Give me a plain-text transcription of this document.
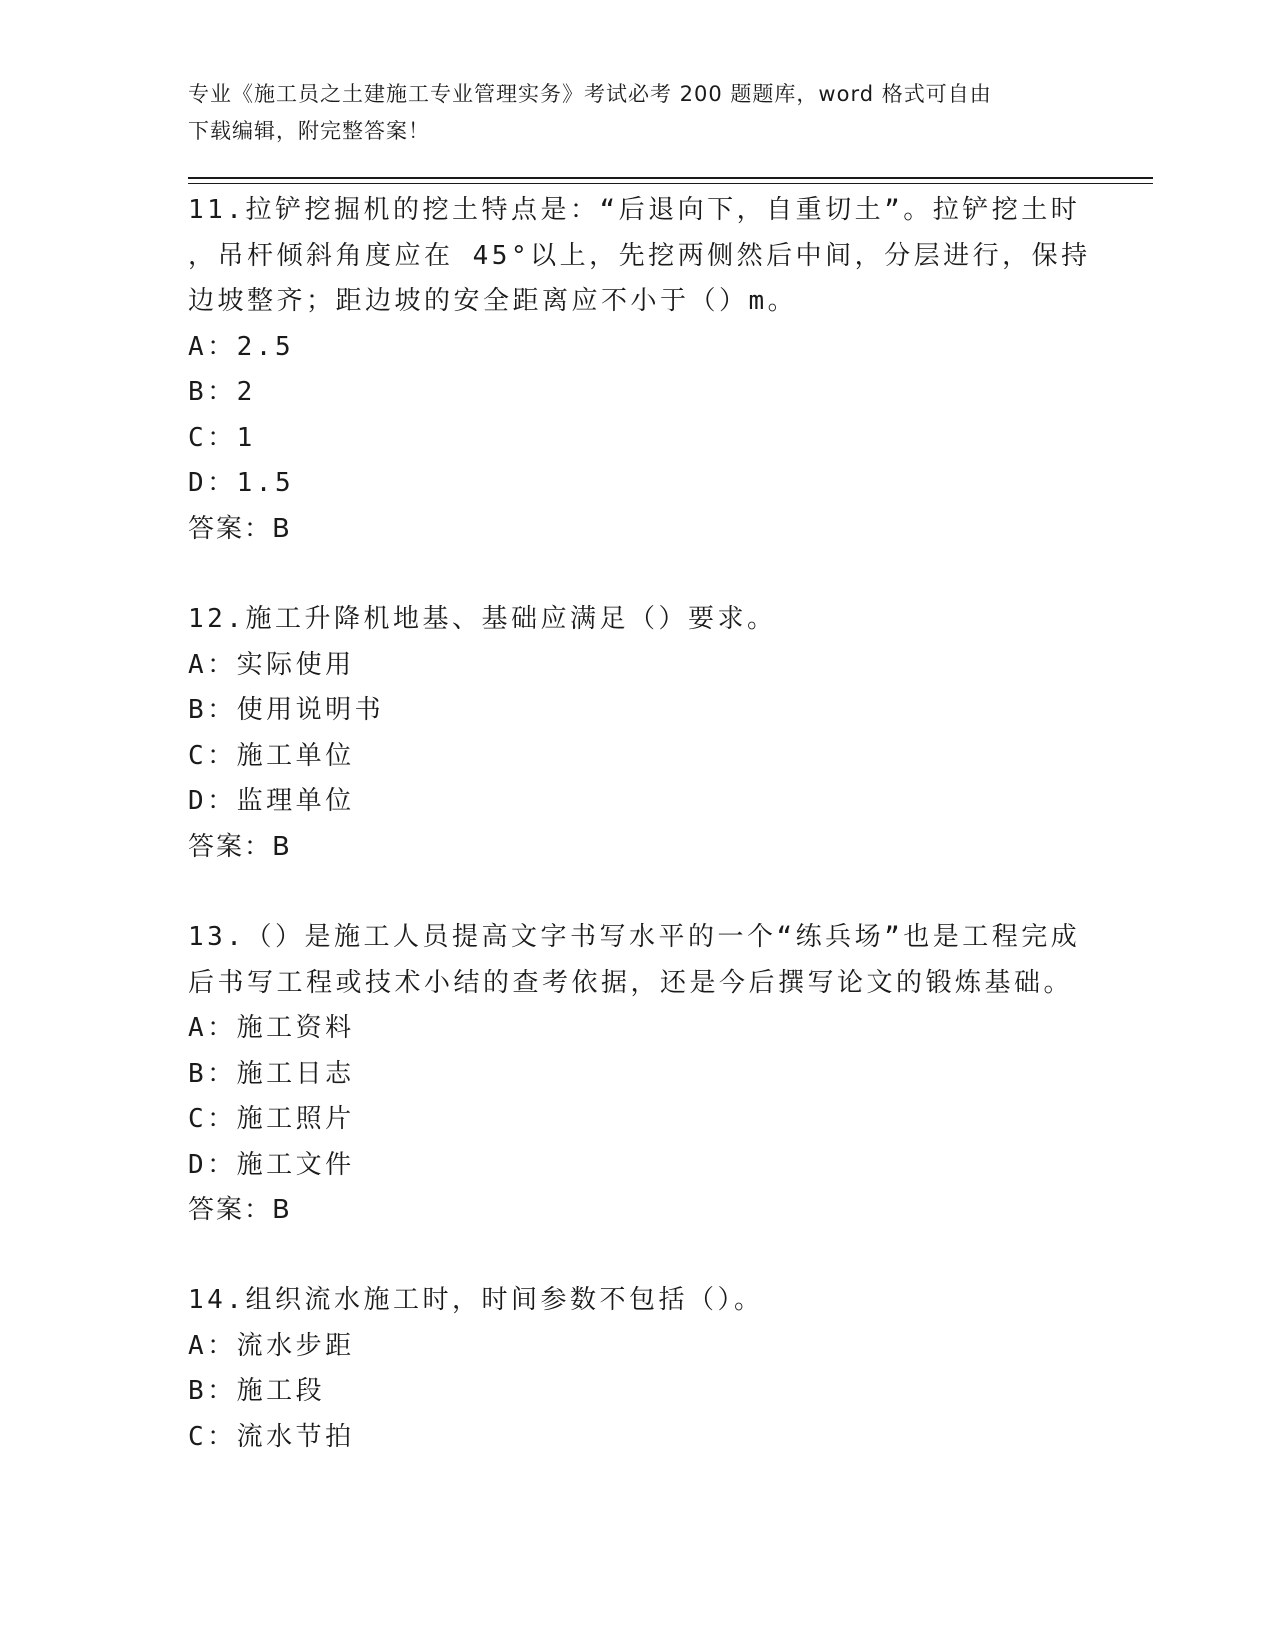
专业《施工员之土建施工专业管理实务》考试必考 200 题题库，word 格式可自由
下载编辑，附完整答案！
11.拉铲挖掘机的挖土特点是：“后退向下，自重切土”。拉铲挖土时
，吊杆倾斜角度应在 45°以上，先挖两侧然后中间，分层进行，保持
边坡整齐；距边坡的安全距离应不小于（）m。
A：2.5
B：2
C：1
D：1.5
答案：B
12.施工升降机地基、基础应满足（）要求。
A：实际使用
B：使用说明书
C：施工单位
D：监理单位
答案：B
13.（）是施工人员提高文字书写水平的一个“练兵场”也是工程完成
后书写工程或技术小结的查考依据，还是今后撰写论文的锻炼基础。
A：施工资料
B：施工日志
C：施工照片
D：施工文件
答案：B
14.组织流水施工时，时间参数不包括（）。
A：流水步距
B：施工段
C：流水节拍
